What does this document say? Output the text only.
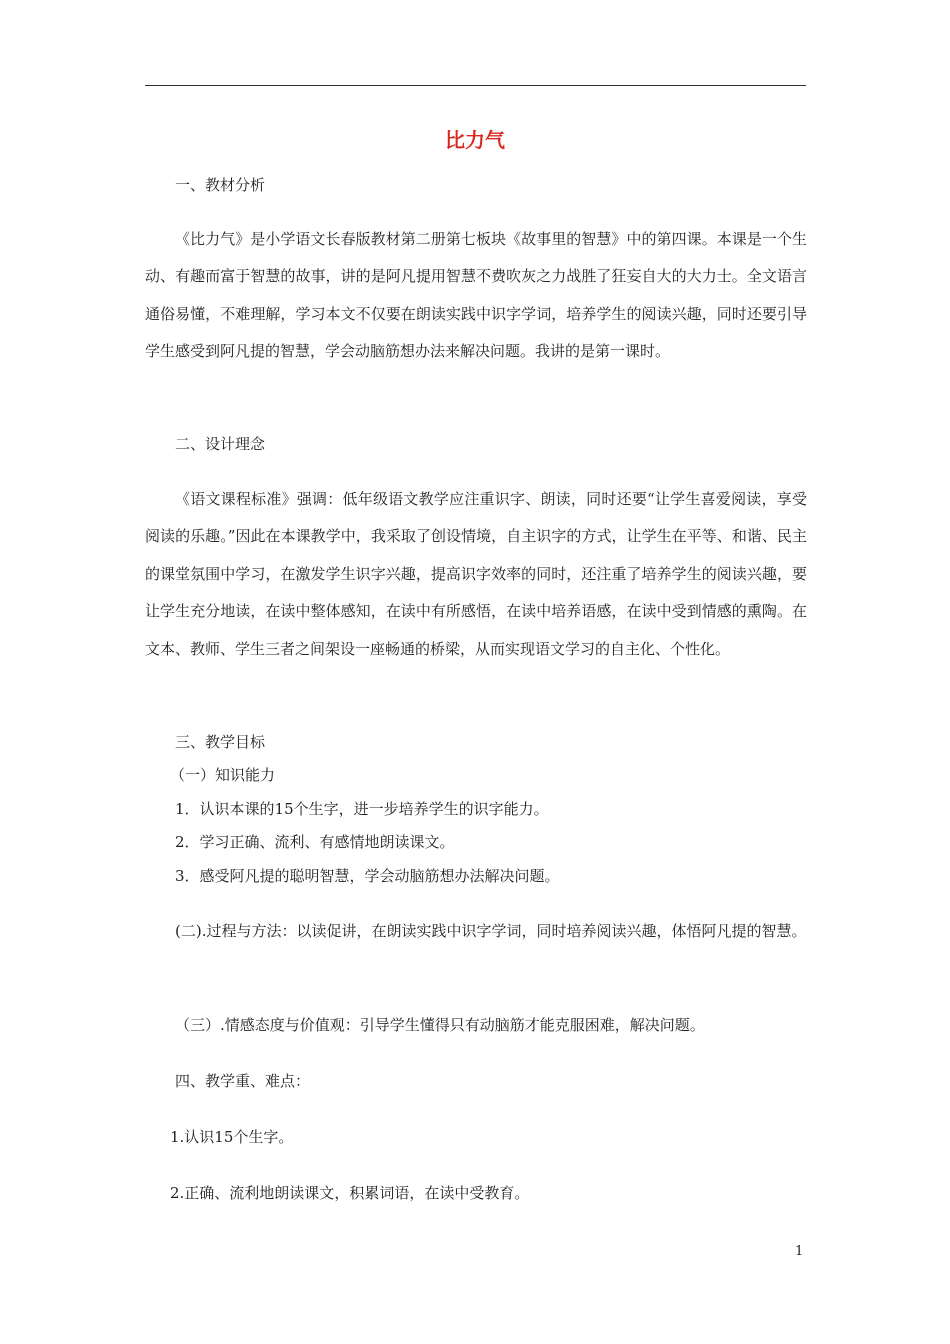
比力气
一、教材分析

《比力气》是小学语文长春版教材第二册第七板块《故事里的智慧》中的第四课。本课是一个生动、有趣而富于智慧的故事，讲的是阿凡提用智慧不费吹灰之力战胜了狂妄自大的大力士。全文语言通俗易懂，不难理解，学习本文不仅要在朗读实践中识字学词，培养学生的阅读兴趣，同时还要引导学生感受到阿凡提的智慧，学会动脑筋想办法来解决问题。我讲的是第一课时。

二、设计理念

《语文课程标准》强调：低年级语文教学应注重识字、朗读，同时还要“让学生喜爱阅读，享受阅读的乐趣。”因此在本课教学中，我采取了创设情境，自主识字的方式，让学生在平等、和谐、民主的课堂氛围中学习，在激发学生识字兴趣，提高识字效率的同时，还注重了培养学生的阅读兴趣，要让学生充分地读，在读中整体感知，在读中有所感悟，在读中培养语感，在读中受到情感的熏陶。在文本、教师、学生三者之间架设一座畅通的桥梁，从而实现语文学习的自主化、个性化。

三、教学目标
（一）知识能力
1．认识本课的15个生字，进一步培养学生的识字能力。
2．学习正确、流利、有感情地朗读课文。
3．感受阿凡提的聪明智慧，学会动脑筋想办法解决问题。

(二).过程与方法：以读促讲，在朗读实践中识字学词，同时培养阅读兴趣，体悟阿凡提的智慧。

（三）.情感态度与价值观：引导学生懂得只有动脑筋才能克服困难，解决问题。
四、教学重、难点：
1.认识15个生字。
2.正确、流利地朗读课文，积累词语，在读中受教育。
1
